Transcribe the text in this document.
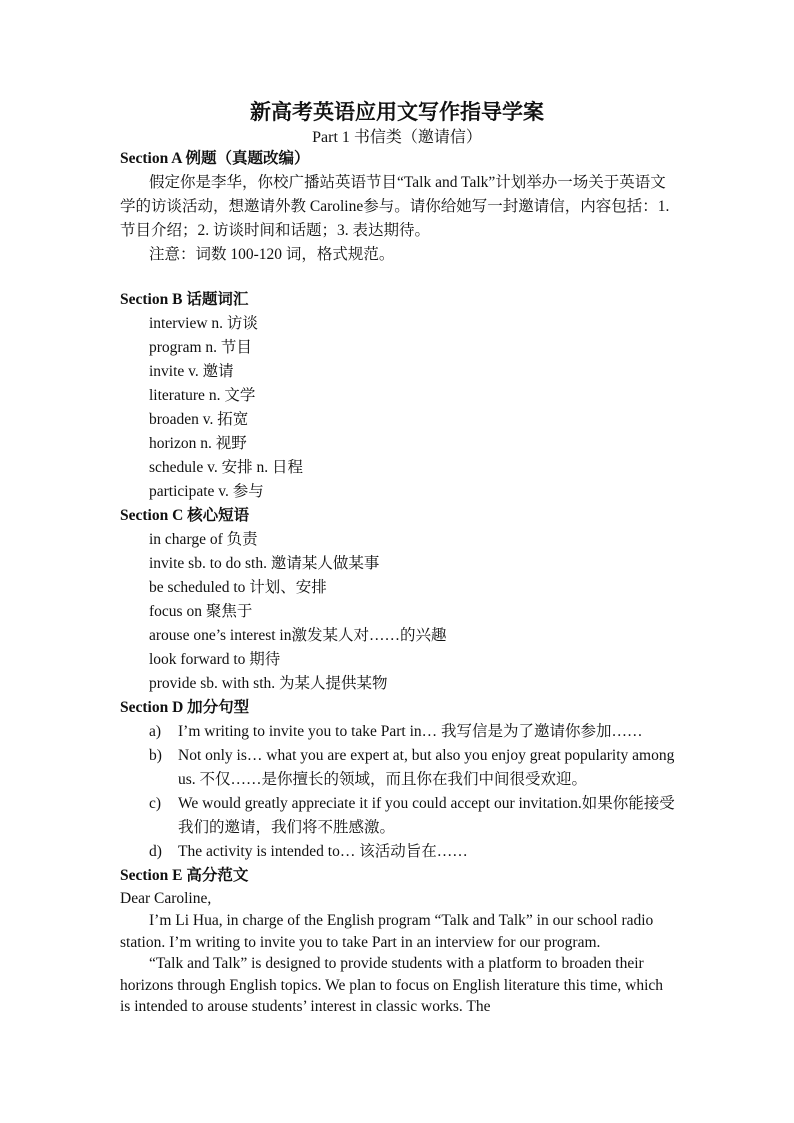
新高考英语应用文写作指导学案
Part 1 书信类（邀请信）
Section A 例题（真题改编）
假定你是李华，你校广播站英语节目“Talk and Talk”计划举办一场关于英语文学的访谈活动，想邀请外教 Caroline参与。请你给她写一封邀请信，内容包括：1. 节目介绍；2. 访谈时间和话题；3. 表达期待。
注意：词数 100-120 词，格式规范。
Section B 话题词汇
interview n. 访谈
program n. 节目
invite v. 邀请
literature n. 文学
broaden v. 拓宽
horizon n. 视野
schedule v. 安排 n. 日程
participate v. 参与
Section C 核心短语
in charge of 负责
invite sb. to do sth. 邀请某人做某事
be scheduled to 计划、安排
focus on 聚焦于
arouse one’s interest in激发某人对……的兴趣
look forward to 期待
provide sb. with sth. 为某人提供某物
Section D 加分句型
a) I’m writing to invite you to take Part in… 我写信是为了邀请你参加……
b) Not only is… what you are expert at, but also you enjoy great popularity among us. 不仅……是你擅长的领域，而且你在我们中间很受欢迎。
c) We would greatly appreciate it if you could accept our invitation.如果你能接受我们的邀请，我们将不胜感激。
d) The activity is intended to… 该活动旨在……
Section E 高分范文
Dear Caroline,
I’m Li Hua, in charge of the English program “Talk and Talk” in our school radio station. I’m writing to invite you to take Part in an interview for our program.
“Talk and Talk” is designed to provide students with a platform to broaden their horizons through English topics. We plan to focus on English literature this time, which is intended to arouse students’ interest in classic works. The
